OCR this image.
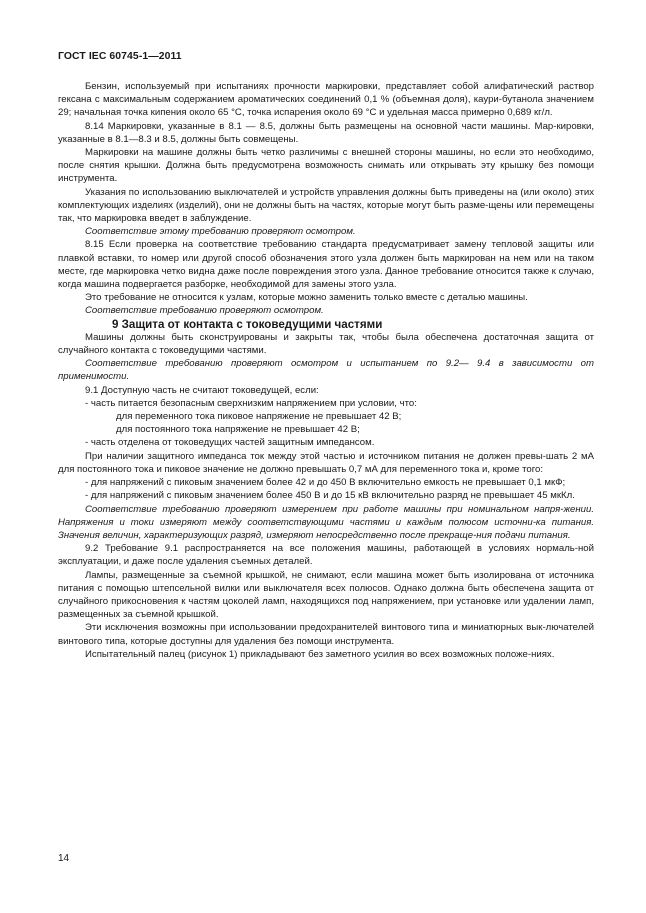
ГОСТ IEC 60745-1—2011

Бензин, используемый при испытаниях прочности маркировки, представляет собой алифатический раствор гексана с максимальным содержанием ароматических соединений 0,1 % (объемная доля), каури-бутанола значением 29; начальная точка кипения около 65 °С, точка испарения около 69 °С и удельная масса примерно 0,689 кг/л.

8.14 Маркировки, указанные в 8.1 — 8.5, должны быть размещены на основной части машины. Мар-кировки, указанные в 8.1—8.3 и 8.5, должны быть совмещены.

Маркировки на машине должны быть четко различимы с внешней стороны машины, но если это необходимо, после снятия крышки. Должна быть предусмотрена возможность снимать или открывать эту крышку без помощи инструмента.

Указания по использованию выключателей и устройств управления должны быть приведены на (или около) этих комплектующих изделиях (изделий), они не должны быть на частях, которые могут быть разме-щены или перемещены так, что маркировка введет в заблуждение.

Соответствие этому требованию проверяют осмотром.

8.15 Если проверка на соответствие требованию стандарта предусматривает замену тепловой защиты или плавкой вставки, то номер или другой способ обозначения этого узла должен быть маркирован на нем или на таком месте, где маркировка четко видна даже после повреждения этого узла. Данное требование относится также к случаю, когда машина подвергается разборке, необходимой для замены этого узла.

Это требование не относится к узлам, которые можно заменить только вместе с деталью машины.

Соответствие требованию проверяют осмотром.

9 Защита от контакта с токоведущими частями

Машины должны быть сконструированы и закрыты так, чтобы была обеспечена достаточная защита от случайного контакта с токоведущими частями.

Соответствие требованию проверяют осмотром и испытанием по 9.2— 9.4 в зависимости от применимости.

9.1 Доступную часть не считают токоведущей, если:

- часть питается безопасным сверхнизким напряжением при условии, что:

для переменного тока пиковое напряжение не превышает 42 В;

для постоянного тока напряжение не превышает 42 В;

- часть отделена от токоведущих частей защитным импедансом.

При наличии защитного импеданса ток между этой частью и источником питания не должен превы-шать 2 мА для постоянного тока и пиковое значение не должно превышать 0,7 мА для переменного тока и, кроме того:

- для напряжений с пиковым значением более 42 и до 450 В включительно емкость не превышает 0,1 мкФ;

- для напряжений с пиковым значением более 450 В и до 15 кВ включительно разряд не превышает 45 мкКл.

Соответствие требованию проверяют измерением при работе машины при номинальном напря-жении. Напряжения и токи измеряют между соответствующими частями и каждым полюсом источни-ка питания. Значения величин, характеризующих разряд, измеряют непосредственно после прекраще-ния подачи питания.

9.2 Требование 9.1 распространяется на все положения машины, работающей в условиях нормаль-ной эксплуатации, и даже после удаления съемных деталей.

Лампы, размещенные за съемной крышкой, не снимают, если машина может быть изолирована от источника питания с помощью штепсельной вилки или выключателя всех полюсов. Однако должна быть обеспечена защита от случайного прикосновения к частям цоколей ламп, находящихся под напряжением, при установке или удалении ламп, размещенных за съемной крышкой.

Эти исключения возможны при использовании предохранителей винтового типа и миниатюрных вык-лючателей винтового типа, которые доступны для удаления без помощи инструмента.

Испытательный палец (рисунок 1) прикладывают без заметного усилия во всех возможных положе-ниях.

14
